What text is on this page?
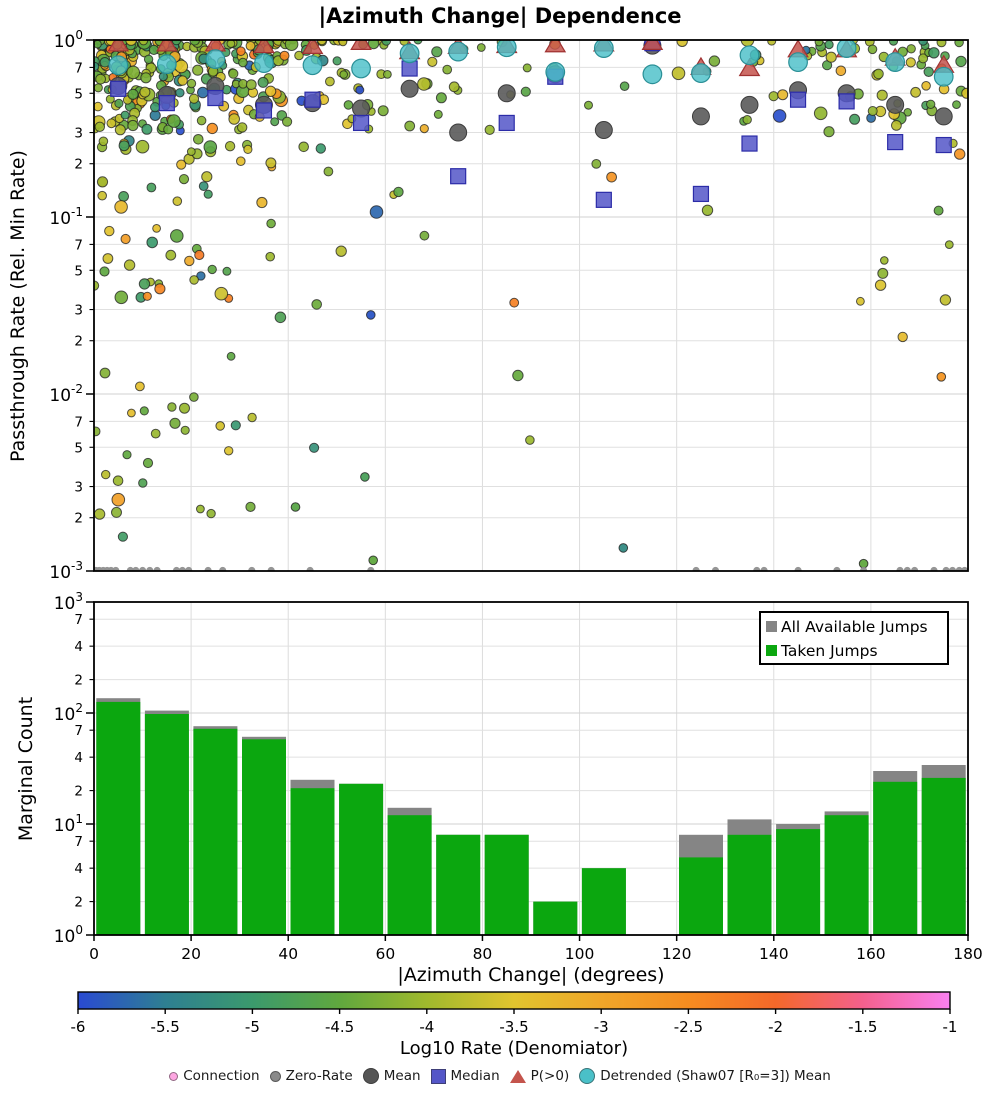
|Azimuth Change| Dependence
$10^0$
7
5
3
2
$10^{-1}$
7
5
3
2
$10^{-2}$
7
5
3
2
$10^{-3}$
$10^3$
7
4
2
$10^2$
7
4
2
$10^1$
7
4
2
$10^0$
0	20	40	60	80	100	120	140	160	180
-6	-5.5	-5	-4.5	-4	-3.5	-3	-2.5	-2	-1.5	-1
Passthrough Rate (Rel. Min Rate)
Marginal Count
|Azimuth Change| (degrees)
Log10 Rate (Denomiator)
All Available Jumps
Taken Jumps
Connection Zero-Rate Mean Median P(>0) Detrended (Shaw07 [R₀=3]) Mean
